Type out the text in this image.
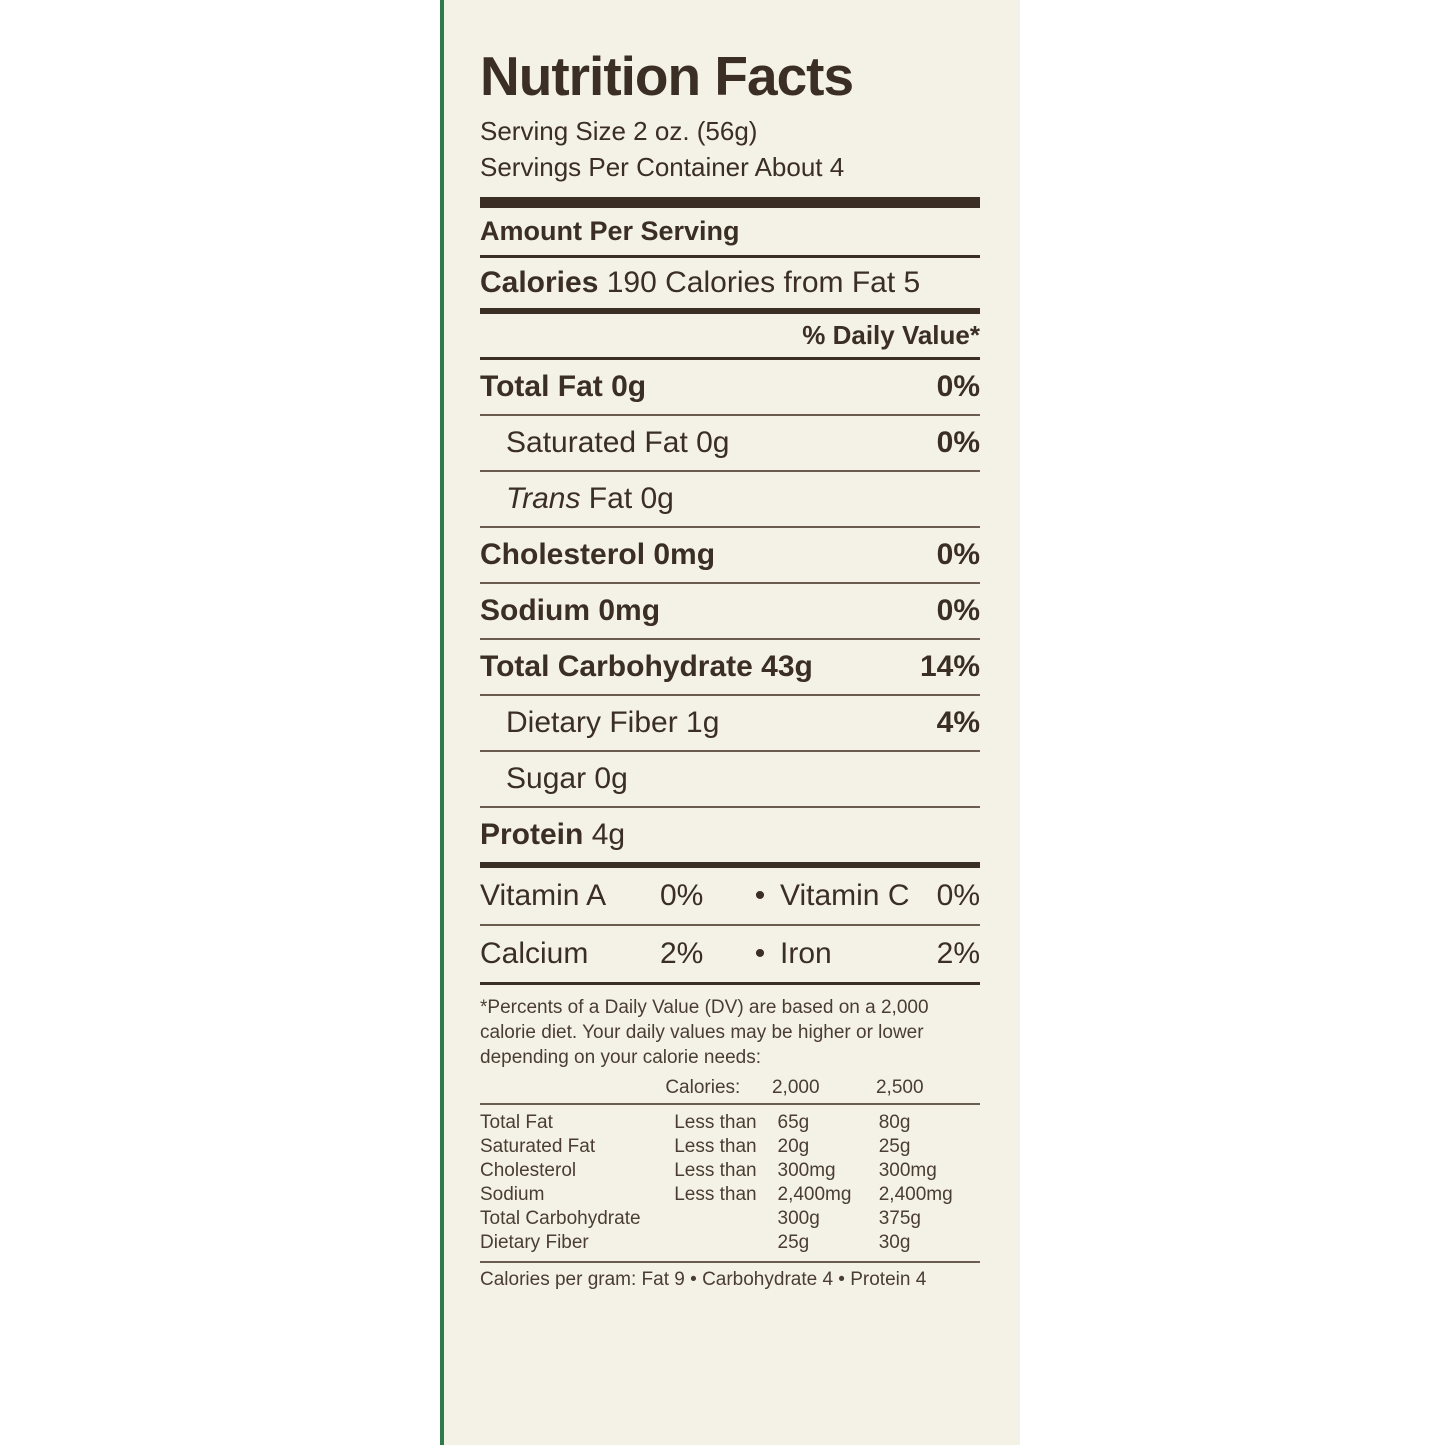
Nutrition Facts
Serving Size 2 oz. (56g)
Servings Per Container About 4
Amount Per Serving
Calories 190 Calories from Fat 5
% Daily Value*
Total Fat 0g	0%
Saturated Fat 0g	0%
Trans Fat 0g
Cholesterol 0mg	0%
Sodium 0mg	0%
Total Carbohydrate 43g	14%
Dietary Fiber 1g	4%
Sugar 0g
Protein 4g
Vitamin A	0%	• Vitamin C 0%
Calcium	2%	• Iron	2%
*Percents of a Daily Value (DV) are based on a 2,000 calorie diet. Your daily values may be higher or lower depending on your calorie needs:
	Calories:	2,000	2,500
Total Fat	Less than	65g	80g
Saturated Fat	Less than	20g	25g
Cholesterol	Less than	300mg	300mg
Sodium	Less than	2,400mg	2,400mg
Total Carbohydrate		300g	375g
Dietary Fiber		25g	30g
Calories per gram: Fat 9 • Carbohydrate 4 • Protein 4
